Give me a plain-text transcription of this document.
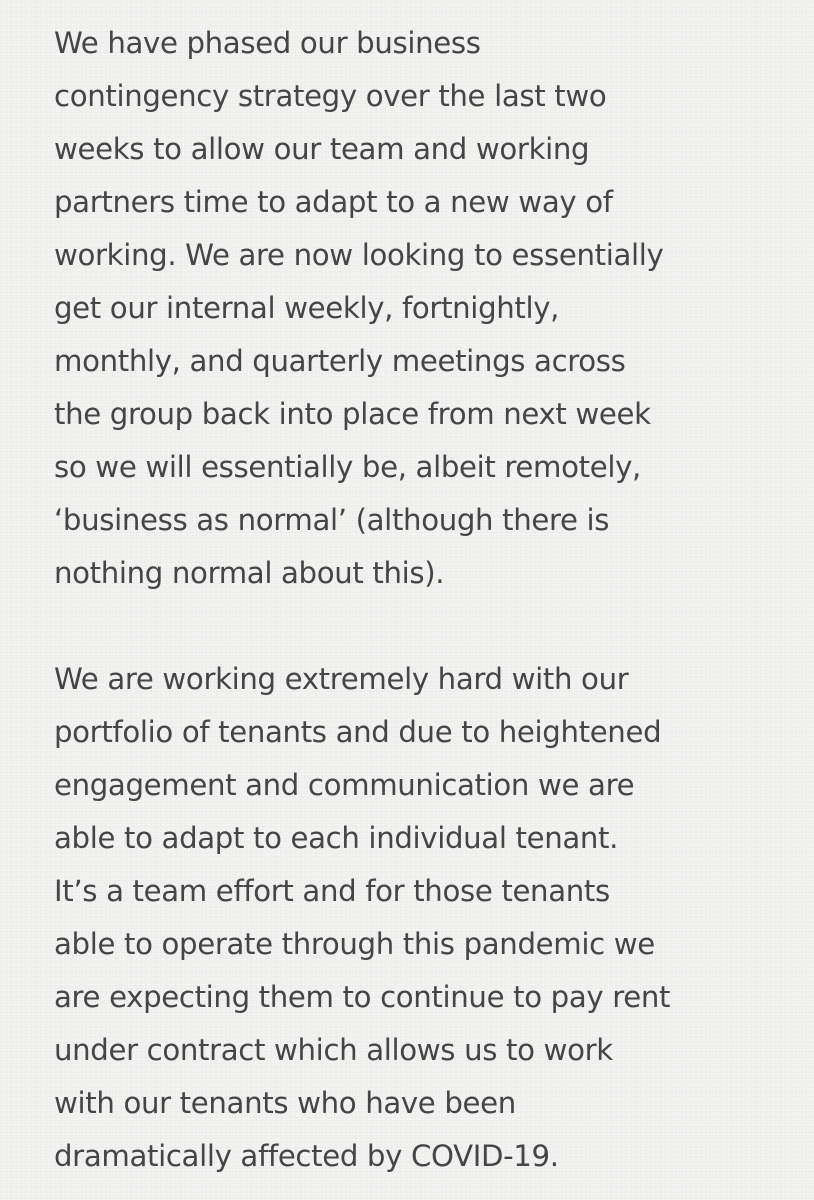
We have phased our business
contingency strategy over the last two
weeks to allow our team and working
partners time to adapt to a new way of
working. We are now looking to essentially
get our internal weekly, fortnightly,
monthly, and quarterly meetings across
the group back into place from next week
so we will essentially be, albeit remotely,
‘business as normal’ (although there is
nothing normal about this).

We are working extremely hard with our
portfolio of tenants and due to heightened
engagement and communication we are
able to adapt to each individual tenant.
It’s a team effort and for those tenants
able to operate through this pandemic we
are expecting them to continue to pay rent
under contract which allows us to work
with our tenants who have been
dramatically affected by COVID-19.
